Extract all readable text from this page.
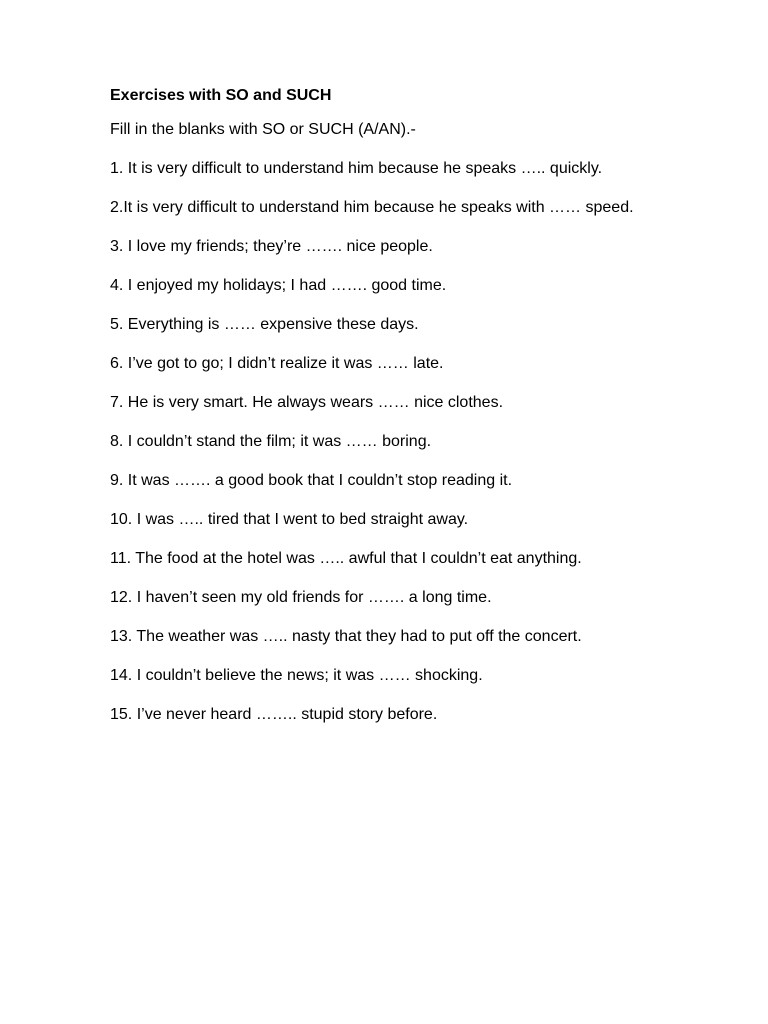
Exercises with SO and SUCH
Fill in the blanks with SO or SUCH (A/AN).-
1. It is very difficult to understand him because he speaks ….. quickly.
2.It is very difficult to understand him because he speaks with …… speed.
3. I love my friends; they’re ……. nice people.
4. I enjoyed my holidays; I had ……. good time.
5. Everything is …… expensive these days.
6. I’ve got to go; I didn’t realize it was …… late.
7. He is very smart. He always wears …… nice clothes.
8. I couldn’t stand the film; it was …… boring.
9. It was ……. a good book that I couldn’t stop reading it.
10. I was ….. tired that I went to bed straight away.
11. The food at the hotel was ….. awful that I couldn’t eat anything.
12. I haven’t seen my old friends for ……. a long time.
13. The weather was ….. nasty that they had to put off the concert.
14. I couldn’t believe the news; it was …… shocking.
15. I’ve never heard …….. stupid story before.
